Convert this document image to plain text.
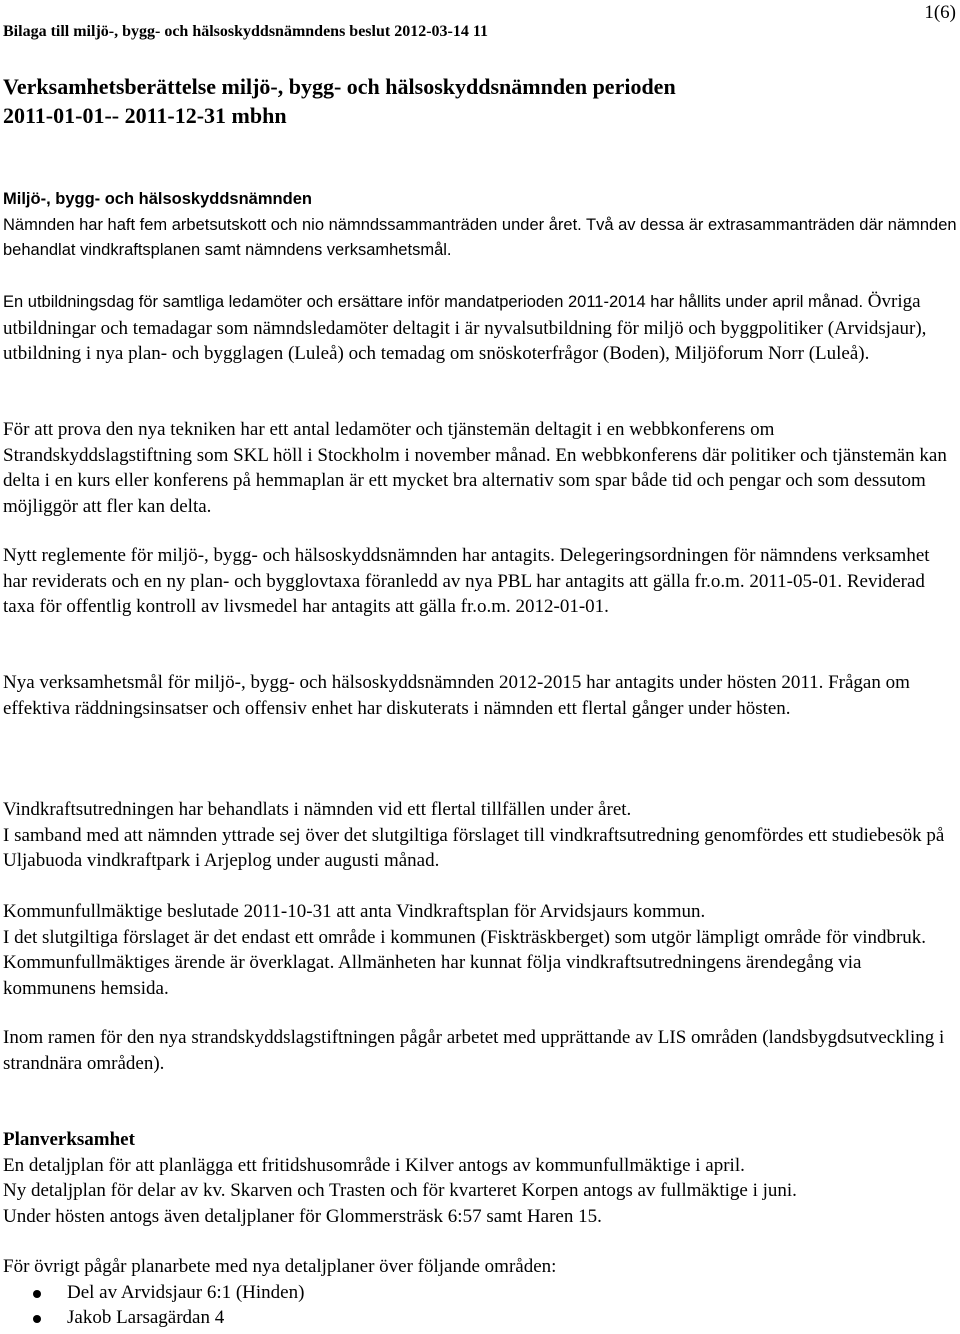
1(6)
Bilaga till miljö-, bygg- och hälsoskyddsnämndens beslut 2012-03-14 11
Verksamhetsberättelse miljö-, bygg- och hälsoskyddsnämnden perioden
2011-01-01-- 2011-12-31 mbhn

Miljö-, bygg- och hälsoskyddsnämnden

Nämnden har haft fem arbetsutskott och nio nämndssammanträden under året. Två av dessa är extrasammanträden där nämnden behandlat vindkraftsplanen samt nämndens verksamhetsmål.

En utbildningsdag för samtliga ledamöter och ersättare inför mandatperioden 2011-2014 har hållits under april månad. Övriga utbildningar och temadagar som nämndsledamöter deltagit i är nyvalsutbildning för miljö och byggpolitiker (Arvidsjaur), utbildning i nya plan- och bygglagen (Luleå) och temadag om snöskoterfrågor (Boden), Miljöforum Norr (Luleå).
För att prova den nya tekniken har ett antal ledamöter och tjänstemän deltagit i en webbkonferens om Strandskyddslagstiftning som SKL höll i Stockholm i november månad. En webbkonferens där politiker och tjänstemän kan delta i en kurs eller konferens på hemmaplan är ett mycket bra alternativ som spar både tid och pengar och som dessutom möjliggör att fler kan delta.
Nytt reglemente för miljö-, bygg- och hälsoskyddsnämnden har antagits. Delegeringsordningen för nämndens verksamhet har reviderats och en ny plan- och bygglovtaxa föranledd av nya PBL har antagits att gälla fr.o.m. 2011-05-01. Reviderad taxa för offentlig kontroll av livsmedel har antagits att gälla fr.o.m. 2012-01-01.
Nya verksamhetsmål för miljö-, bygg- och hälsoskyddsnämnden 2012-2015 har antagits under hösten 2011. Frågan om effektiva räddningsinsatser och offensiv enhet har diskuterats i nämnden ett flertal gånger under hösten.

Vindkraftsutredningen har behandlats i nämnden vid ett flertal tillfällen under året.

I samband med att nämnden yttrade sej över det slutgiltiga förslaget till vindkraftsutredning genomfördes ett studiebesök på Uljabuoda vindkraftpark i Arjeplog under augusti månad.

Kommunfullmäktige beslutade 2011-10-31 att anta Vindkraftsplan för Arvidsjaurs kommun.

I det slutgiltiga förslaget är det endast ett område i kommunen (Fiskträskberget) som utgör lämpligt område för vindbruk. Kommunfullmäktiges ärende är överklagat. Allmänheten har kunnat följa vindkraftsutredningens ärendegång via kommunens hemsida.

Inom ramen för den nya strandskyddslagstiftningen pågår arbetet med upprättande av LIS områden (landsbygdsutveckling i strandnära områden).

Planverksamhet

En detaljplan för att planlägga ett fritidshusområde i Kilver antogs av kommunfullmäktige i april.

Ny detaljplan för delar av kv. Skarven och Trasten och för kvarteret Korpen antogs av fullmäktige i juni.

Under hösten antogs även detaljplaner för Glommersträsk 6:57 samt Haren 15.

För övrigt pågår planarbete med nya detaljplaner över följande områden:

Del av Arvidsjaur 6:1 (Hinden)
Jakob Larsagärdan 4
